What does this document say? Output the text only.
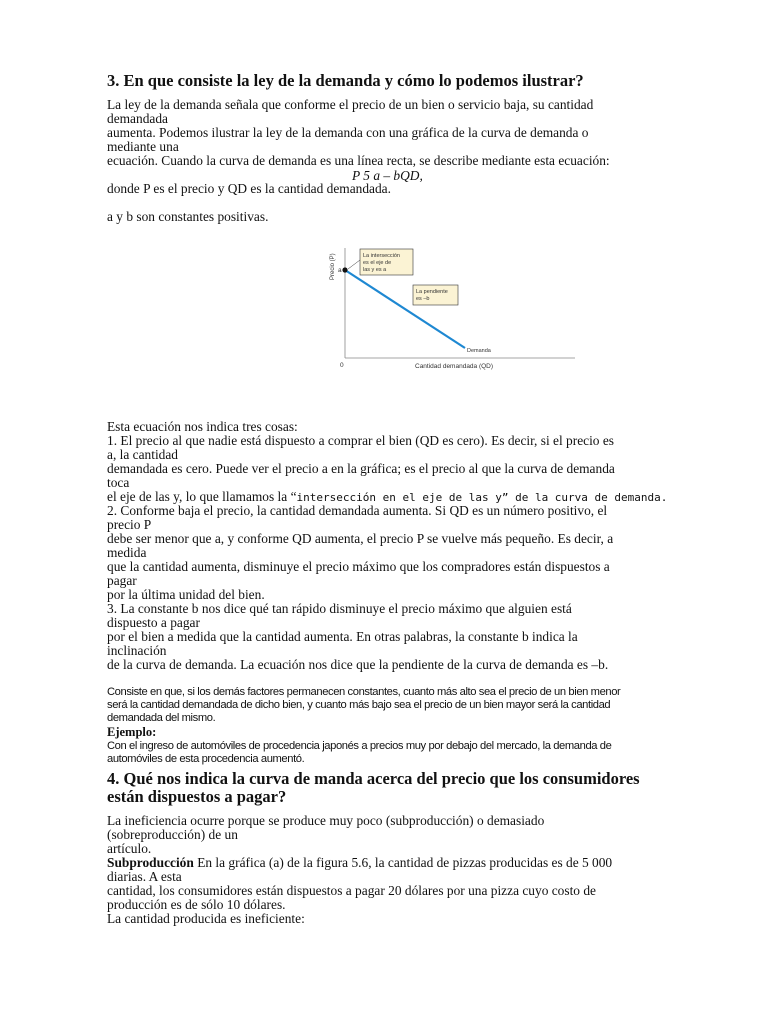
3. En que consiste la ley de la demanda y cómo lo podemos ilustrar?
La ley de la demanda señala que conforme el precio de un bien o servicio baja, su cantidad
demandada
aumenta. Podemos ilustrar la ley de la demanda con una gráfica de la curva de demanda o
mediante una
ecuación. Cuando la curva de demanda es una línea recta, se describe mediante esta ecuación:
P 5 a – bQD,
donde P es el precio y QD es la cantidad demandada.
a y b son constantes positivas.
Precio (P) a
0	Cantidad demandada (QD)
La intersección
es el eje de
las y es a
La pendiente
es –b
Demanda
Esta ecuación nos indica tres cosas:
1. El precio al que nadie está dispuesto a comprar el bien (QD es cero). Es decir, si el precio es
a, la cantidad
demandada es cero. Puede ver el precio a en la gráfica; es el precio al que la curva de demanda
toca
el eje de las y, lo que llamamos la “intersección en el eje de las y” de la curva de demanda.
2. Conforme baja el precio, la cantidad demandada aumenta. Si QD es un número positivo, el
precio P
debe ser menor que a, y conforme QD aumenta, el precio P se vuelve más pequeño. Es decir, a
medida
que la cantidad aumenta, disminuye el precio máximo que los compradores están dispuestos a
pagar
por la última unidad del bien.
3. La constante b nos dice qué tan rápido disminuye el precio máximo que alguien está
dispuesto a pagar
por el bien a medida que la cantidad aumenta. En otras palabras, la constante b indica la
inclinación
de la curva de demanda. La ecuación nos dice que la pendiente de la curva de demanda es –b.
Consiste en que, si los demás factores permanecen constantes, cuanto más alto sea el precio de un bien menor
será la cantidad demandada de dicho bien, y cuanto más bajo sea el precio de un bien mayor será la cantidad
demandada del mismo.
Ejemplo:
Con el ingreso de automóviles de procedencia japonés a precios muy por debajo del mercado, la demanda de
automóviles de esta procedencia aumentó.
4. Qué nos indica la curva de manda acerca del precio que los consumidores
están dispuestos a pagar?
La ineficiencia ocurre porque se produce muy poco (subproducción) o demasiado
(sobreproducción) de un
artículo.
Subproducción En la gráfica (a) de la figura 5.6, la cantidad de pizzas producidas es de 5 000
diarias. A esta
cantidad, los consumidores están dispuestos a pagar 20 dólares por una pizza cuyo costo de
producción es de sólo 10 dólares.
La cantidad producida es ineficiente:
